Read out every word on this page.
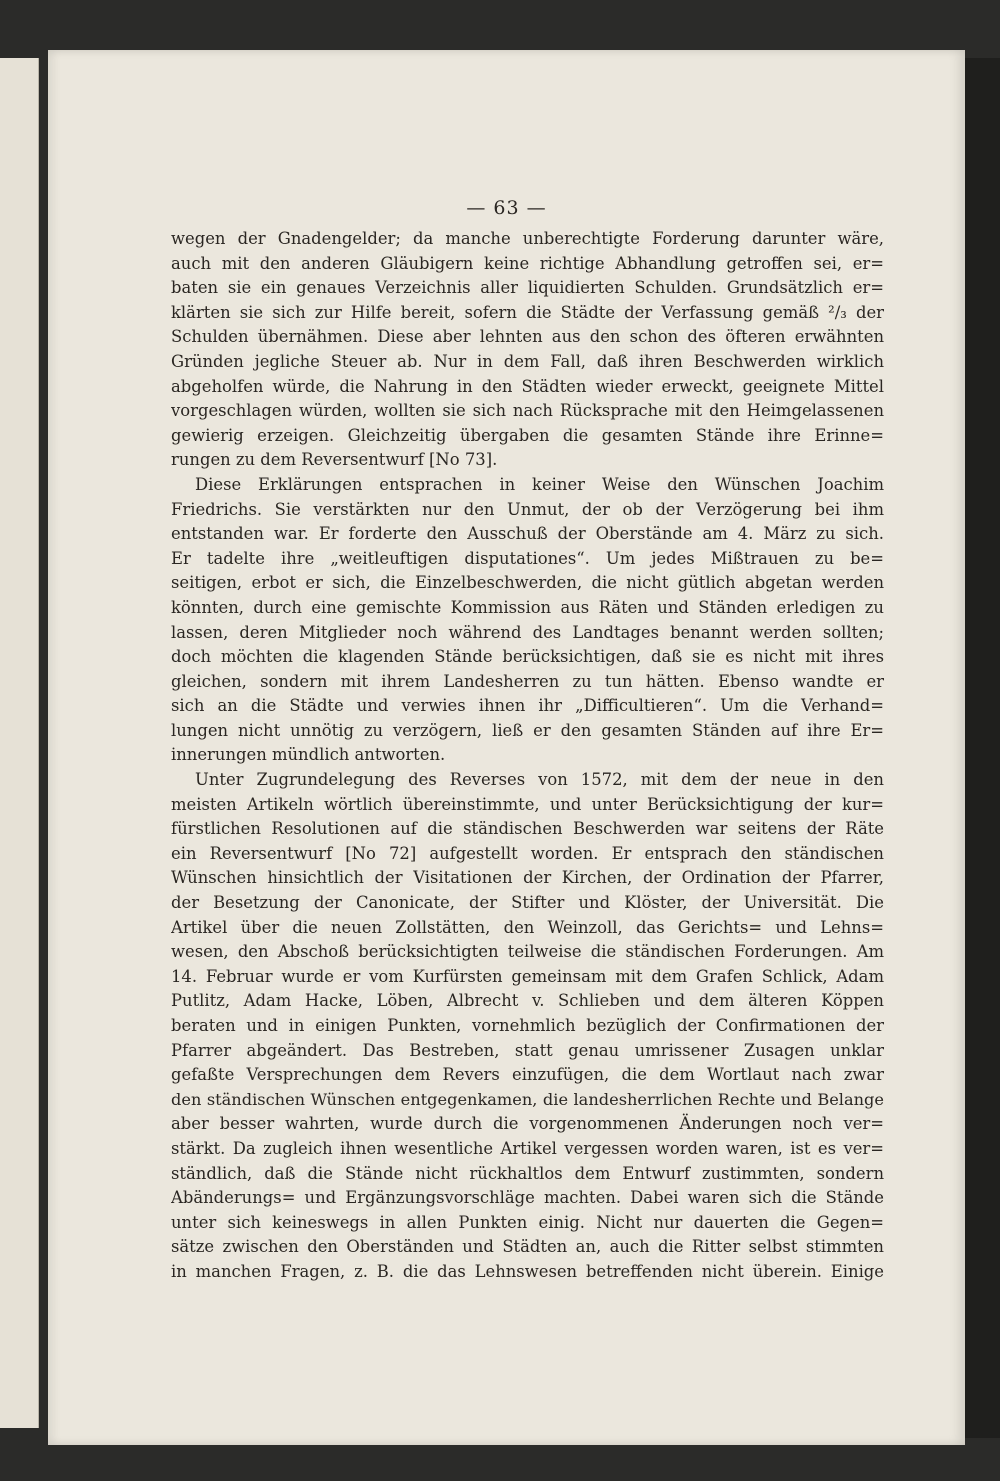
— 63 —
wegen der Gnadengelder; da manche unberechtigte Forderung darunter wäre,
auch mit den anderen Gläubigern keine richtige Abhandlung getroffen sei, er=
baten sie ein genaues Verzeichnis aller liquidierten Schulden. Grundsätzlich er=
klärten sie sich zur Hilfe bereit, sofern die Städte der Verfassung gemäß ²/₃ der
Schulden übernähmen. Diese aber lehnten aus den schon des öfteren erwähnten
Gründen jegliche Steuer ab. Nur in dem Fall, daß ihren Beschwerden wirklich
abgeholfen würde, die Nahrung in den Städten wieder erweckt, geeignete Mittel
vorgeschlagen würden, wollten sie sich nach Rücksprache mit den Heimgelassenen
gewierig erzeigen. Gleichzeitig übergaben die gesamten Stände ihre Erinne=
rungen zu dem Reversentwurf [No 73].
Diese Erklärungen entsprachen in keiner Weise den Wünschen Joachim
Friedrichs. Sie verstärkten nur den Unmut, der ob der Verzögerung bei ihm
entstanden war. Er forderte den Ausschuß der Oberstände am 4. März zu sich.
Er tadelte ihre „weitleuftigen disputationes“. Um jedes Mißtrauen zu be=
seitigen, erbot er sich, die Einzelbeschwerden, die nicht gütlich abgetan werden
könnten, durch eine gemischte Kommission aus Räten und Ständen erledigen zu
lassen, deren Mitglieder noch während des Landtages benannt werden sollten;
doch möchten die klagenden Stände berücksichtigen, daß sie es nicht mit ihres
gleichen, sondern mit ihrem Landesherren zu tun hätten. Ebenso wandte er
sich an die Städte und verwies ihnen ihr „Difficultieren“. Um die Verhand=
lungen nicht unnötig zu verzögern, ließ er den gesamten Ständen auf ihre Er=
innerungen mündlich antworten.
Unter Zugrundelegung des Reverses von 1572, mit dem der neue in den
meisten Artikeln wörtlich übereinstimmte, und unter Berücksichtigung der kur=
fürstlichen Resolutionen auf die ständischen Beschwerden war seitens der Räte
ein Reversentwurf [No 72] aufgestellt worden. Er entsprach den ständischen
Wünschen hinsichtlich der Visitationen der Kirchen, der Ordination der Pfarrer,
der Besetzung der Canonicate, der Stifter und Klöster, der Universität. Die
Artikel über die neuen Zollstätten, den Weinzoll, das Gerichts= und Lehns=
wesen, den Abschoß berücksichtigten teilweise die ständischen Forderungen. Am
14. Februar wurde er vom Kurfürsten gemeinsam mit dem Grafen Schlick, Adam
Putlitz, Adam Hacke, Löben, Albrecht v. Schlieben und dem älteren Köppen
beraten und in einigen Punkten, vornehmlich bezüglich der Confirmationen der
Pfarrer abgeändert. Das Bestreben, statt genau umrissener Zusagen unklar
gefaßte Versprechungen dem Revers einzufügen, die dem Wortlaut nach zwar
den ständischen Wünschen entgegenkamen, die landesherrlichen Rechte und Belange
aber besser wahrten, wurde durch die vorgenommenen Änderungen noch ver=
stärkt. Da zugleich ihnen wesentliche Artikel vergessen worden waren, ist es ver=
ständlich, daß die Stände nicht rückhaltlos dem Entwurf zustimmten, sondern
Abänderungs= und Ergänzungsvorschläge machten. Dabei waren sich die Stände
unter sich keineswegs in allen Punkten einig. Nicht nur dauerten die Gegen=
sätze zwischen den Oberständen und Städten an, auch die Ritter selbst stimmten
in manchen Fragen, z. B. die das Lehnswesen betreffenden nicht überein. Einige
